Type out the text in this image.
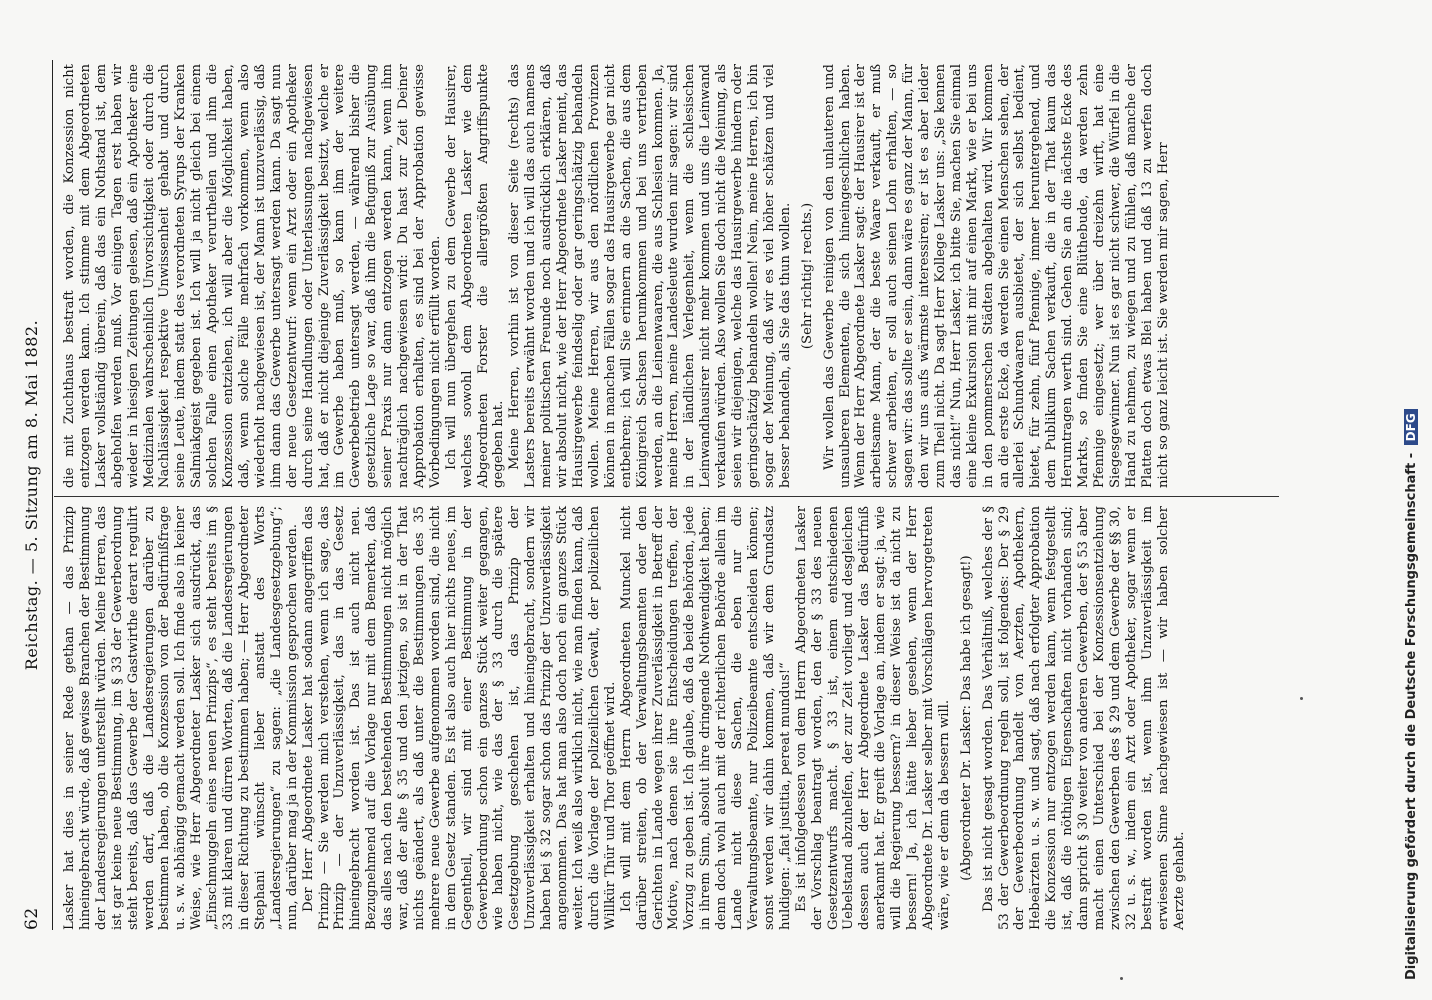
62
Reichstag. — 5. Sitzung am 8. Mai 1882.

Lasker hat dies in seiner Rede gethan — das Prinzip hineingebracht würde, daß gewisse Branchen der Bestimmung der Landesregierungen unterstellt würden. Meine Herren, das ist gar keine neue Bestimmung, im § 33 der Gewerbeordnung steht bereits, daß das Gewerbe der Gastwirthe derart regulirt werden darf, daß die Landesregierungen darüber zu bestimmen haben, ob die Konzession von der Bedürfnißfrage u. s. w. abhängig gemacht werden soll. Ich finde also in keiner Weise, wie Herr Abgeordneter Lasker sich ausdrückt, das „Einschmuggeln eines neuen Prinzips“, es steht bereits im § 33 mit klaren und dürren Worten, daß die Landesregierungen in dieser Richtung zu bestimmen haben; — Herr Abgeordneter Stephani wünscht lieber anstatt des Worts „Landesregierungen“ zu sagen: „die Landesgesetzgebung“; nun, darüber mag ja in der Kommission gesprochen werden. Der Herr Abgeordnete Lasker hat sodann angegriffen das Prinzip — Sie werden mich verstehen, wenn ich sage, das Prinzip — der Unzuverlässigkeit, das in das Gesetz hineingebracht worden ist. Das ist auch nicht neu. Bezugnehmend auf die Vorlage nur mit dem Bemerken, daß das alles nach den bestehenden Bestimmungen nicht möglich war, daß der alte § 35 und den jetzigen, so ist in der That nichts geändert, als daß unter die Bestimmungen des 35 mehrere neue Gewerbe aufgenommen worden sind, die nicht in dem Gesetz standen. Es ist also auch hier nichts neues, im Gegentheil, wir sind mit einer Bestimmung in der Gewerbeordnung schon ein ganzes Stück weiter gegangen, wie haben nicht, wie das der § 33 durch die spätere Gesetzgebung geschehen ist, das Prinzip der Unzuverlässigkeit erhalten und hineingebracht, sondern wir haben bei § 32 sogar schon das Prinzip der Unzuverlässigkeit angenommen. Das hat man also doch noch ein ganzes Stück weiter. Ich weiß also wirklich nicht, wie man finden kann, daß durch die Vorlage der polizeilichen Gewalt, der polizeilichen Willkür Thür und Thor geöffnet wird. Ich will mit dem Herrn Abgeordneten Munckel nicht darüber streiten, ob der Verwaltungsbeamten oder den Gerichten in Lande wegen ihrer Zuverlässigkeit in Betreff der Motive, nach denen sie ihre Entscheidungen treffen, der Vorzug zu geben ist. Ich glaube, daß da beide Behörden, jede in ihrem Sinn, absolut ihre dringende Nothwendigkeit haben; denn doch wohl auch mit der richterlichen Behörde allein im Lande nicht diese Sachen, die eben nur die Verwaltungsbeamte, nur Polizeibeamte entscheiden können; sonst werden wir dahin kommen, daß wir dem Grundsatz huldigen: „fiat justitia, pereat mundus!“ Es ist infolgedessen von dem Herrn Abgeordneten Lasker der Vorschlag beantragt worden, den der § 33 des neuen Gesetzentwurfs macht. § 33 ist, einem entschiedenen Uebelstand abzuhelfen, der zur Zeit vorliegt und desgleichen dessen auch der Herr Abgeordnete Lasker das Bedürfniß anerkannt hat. Er greift die Vorlage an, indem er sagt: ja, wie will die Regierung bessern? in dieser Weise ist da nicht zu bessern! Ja, ich hätte lieber gesehen, wenn der Herr Abgeordnete Dr. Lasker selber mit Vorschlägen hervorgetreten wäre, wie er denn da bessern will. (Abgeordneter Dr. Lasker: Das habe ich gesagt!) Das ist nicht gesagt worden. Das Verhältniß, welches der § 53 der Gewerbeordnung regeln soll, ist folgendes: Der § 29 der Gewerbeordnung handelt von Aerzten, Apothekern, Hebeärzten u. s. w. und sagt, daß nach erfolgter Approbation die Konzession nur entzogen werden kann, wenn festgestellt ist, daß die nöthigen Eigenschaften nicht vorhanden sind; dann spricht § 30 weiter von anderen Gewerben, der § 53 aber macht einen Unterschied bei der Konzessionsentziehung zwischen den Gewerben des § 29 und dem Gewerbe der §§ 30, 32 u. s. w., indem ein Arzt oder Apotheker, sogar wenn er bestraft worden ist, wenn ihm Unzuverlässigkeit im erwiesenen Sinne nachgewiesen ist — wir haben solcher Aerzte gehabt.

die mit Zuchthaus bestraft worden, die Konzession nicht entzogen werden kann. Ich stimme mit dem Abgeordneten Lasker vollständig überein, daß das ein Nothstand ist, dem abgeholfen werden muß. Vor einigen Tagen erst haben wir wieder in hiesigen Zeitungen gelesen, daß ein Apotheker eine Medizinalen wahrscheinlich Unvorsichtigkeit oder durch die Nachlässigkeit respektive Unwissenheit gehabt und durch seine Leute, indem statt des verordneten Syrups der Kranken Salmiakgeist gegeben ist. Ich will ja nicht gleich bei einem solchen Falle einen Apotheker verurtheilen und ihm die Konzession entziehen, ich will aber die Möglichkeit haben, daß, wenn solche Fälle mehrfach vorkommen, wenn also wiederholt nachgewiesen ist, der Mann ist unzuverlässig, daß ihm dann das Gewerbe untersagt werden kann. Da sagt nun der neue Gesetzentwurf: wenn ein Arzt oder ein Apotheker durch seine Handlungen oder Unterlassungen nachgewiesen hat, daß er nicht diejenige Zuverlässigkeit besitzt, welche er im Gewerbe haben muß, so kann ihm der weitere Gewerbebetrieb untersagt werden, — während bisher die gesetzliche Lage so war, daß ihm die Befugniß zur Ausübung seiner Praxis nur dann entzogen werden kann, wenn ihm nachträglich nachgewiesen wird: Du hast zur Zeit Deiner Approbation erhalten, es sind bei der Approbation gewisse Vorbedingungen nicht erfüllt worden. Ich will nun übergehen zu dem Gewerbe der Hausirer, welches sowohl dem Abgeordneten Lasker wie dem Abgeordneten Forster die allergrößten Angriffspunkte gegeben hat. Meine Herren, vorhin ist von dieser Seite (rechts) das Lasters bereits erwähnt worden und ich will das auch namens meiner politischen Freunde noch ausdrücklich erklären, daß wir absolut nicht, wie der Herr Abgeordnete Lasker meint, das Hausirgewerbe feindselig oder gar geringschätzig behandeln wollen. Meine Herren, wir aus den nördlichen Provinzen können in manchen Fällen sogar das Hausirgewerbe gar nicht entbehren; ich will Sie erinnern an die Sachen, die aus dem Königreich Sachsen herumkommen und bei uns vertrieben werden, an die Leinenwaaren, die aus Schlesien kommen. Ja, meine Herren, meine Landesleute wurden mir sagen: wir sind in der ländlichen Verlegenheit, wenn die schlesischen Leinwandhausirer nicht mehr kommen und uns die Leinwand verkaufen würden. Also wollen Sie doch nicht die Meinung, als seien wir diejenigen, welche das Hausirgewerbe hindern oder geringschätzig behandeln wollen! Nein, meine Herren, ich bin sogar der Meinung, daß wir es viel höher schätzen und viel besser behandeln, als Sie das thun wollen. (Sehr richtig! rechts.) Wir wollen das Gewerbe reinigen von den unlauteren und unsauberen Elementen, die sich hineingeschlichen haben. Wenn der Herr Abgeordnete Lasker sagt: der Hausirer ist der arbeitsame Mann, der die beste Waare verkauft, er muß schwer arbeiten, er soll auch seinen Lohn erhalten, — so sagen wir: das sollte er sein, dann wäre es ganz der Mann, für den wir uns aufs wärmste interessiren; er ist es aber leider zum Theil nicht. Da sagt Herr Kollege Lasker uns: „Sie kennen das nicht!“ Nun, Herr Lasker, ich bitte Sie, machen Sie einmal eine kleine Exkursion mit mir auf einen Markt, wie er bei uns in den pommerschen Städten abgehalten wird. Wir kommen an die erste Ecke, da werden Sie einen Menschen sehen, der allerlei Schundwaaren ausbietet, der sich selbst bedient, bietet, für zehn, fünf Pfennige, immer heruntergehend, und dem Publikum Sachen verkauft, die in der That kaum das Herumtragen werth sind. Gehen Sie an die nächste Ecke des Markts, so finden Sie eine Blüthebude, da werden zehn Pfennige eingesetzt; wer über dreizehn wirft, hat eine Siegesgewinner. Nun ist es gar nicht schwer, die Würfel in die Hand zu nehmen, zu wiegen und zu fühlen, daß manche der Platten doch etwas Blei haben und daß 13 zu werfen doch nicht so ganz leicht ist. Sie werden mir sagen, Herr

Digitalisierung gefördert durch die Deutsche Forschungsgemeinschaft - DFG
